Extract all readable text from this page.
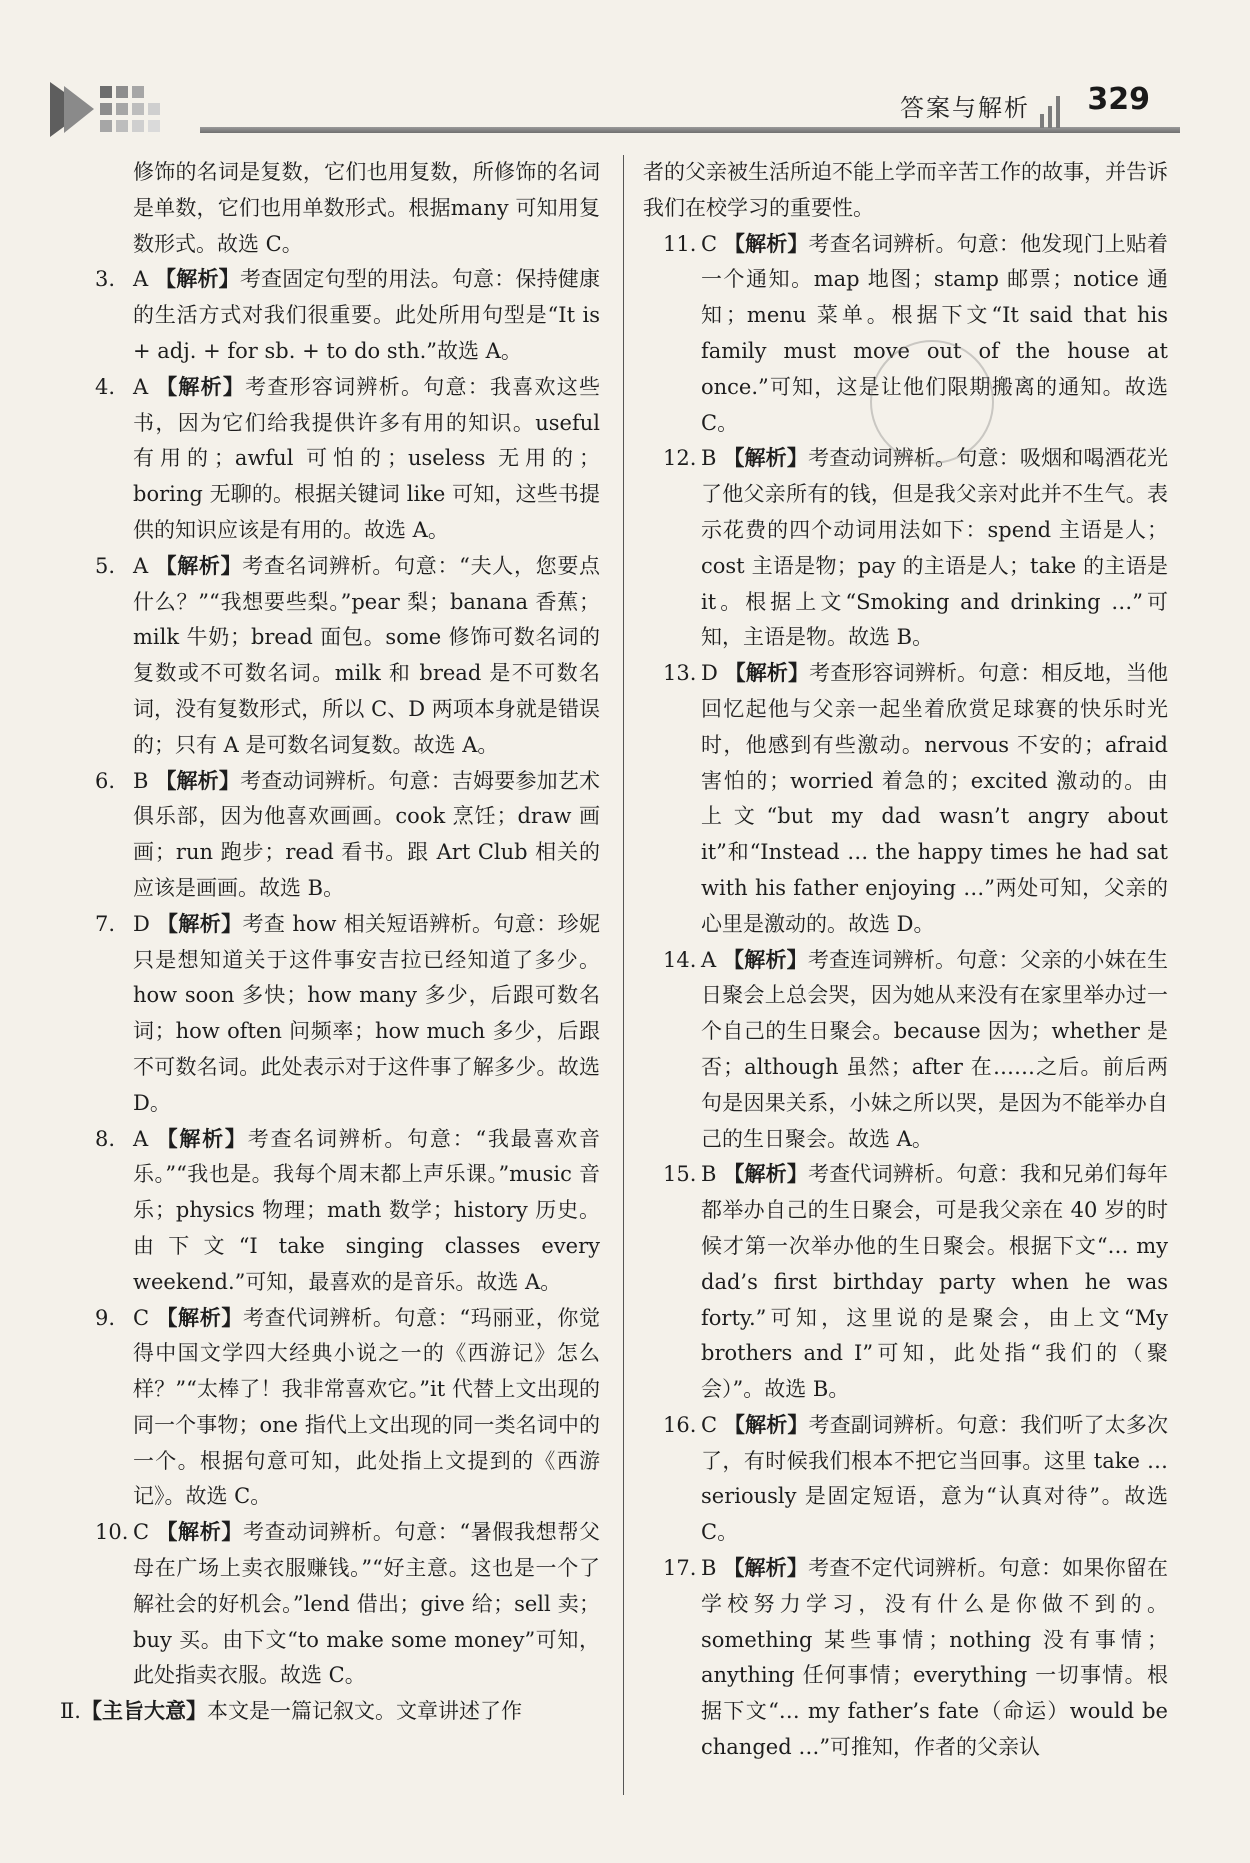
答案与解析 329

修饰的名词是复数，它们也用复数，所修饰的名词是单数，它们也用单数形式。根据many 可知用复数形式。故选 C。

3. A 【解析】考查固定句型的用法。句意：保持健康的生活方式对我们很重要。此处所用句型是“It is + adj. + for sb. + to do sth.”故选 A。

4. A 【解析】考查形容词辨析。句意：我喜欢这些书，因为它们给我提供许多有用的知识。useful 有用的；awful 可怕的；useless 无用的；boring 无聊的。根据关键词 like 可知，这些书提供的知识应该是有用的。故选 A。

5. A 【解析】考查名词辨析。句意：“夫人，您要点什么？”“我想要些梨。”pear 梨；banana 香蕉；milk 牛奶；bread 面包。some 修饰可数名词的复数或不可数名词。milk 和 bread 是不可数名词，没有复数形式，所以 C、D 两项本身就是错误的；只有 A 是可数名词复数。故选 A。

6. B 【解析】考查动词辨析。句意：吉姆要参加艺术俱乐部，因为他喜欢画画。cook 烹饪；draw 画画；run 跑步；read 看书。跟 Art Club 相关的应该是画画。故选 B。

7. D 【解析】考查 how 相关短语辨析。句意：珍妮只是想知道关于这件事安吉拉已经知道了多少。how soon 多快；how many 多少，后跟可数名词；how often 问频率；how much 多少，后跟不可数名词。此处表示对于这件事了解多少。故选 D。

8. A 【解析】考查名词辨析。句意：“我最喜欢音乐。”“我也是。我每个周末都上声乐课。”music 音乐；physics 物理；math 数学；history 历史。由下文“I take singing classes every weekend.”可知，最喜欢的是音乐。故选 A。

9. C 【解析】考查代词辨析。句意：“玛丽亚，你觉得中国文学四大经典小说之一的《西游记》怎么样？”“太棒了！我非常喜欢它。”it 代替上文出现的同一个事物；one 指代上文出现的同一类名词中的一个。根据句意可知，此处指上文提到的《西游记》。故选 C。

10. C 【解析】考查动词辨析。句意：“暑假我想帮父母在广场上卖衣服赚钱。”“好主意。这也是一个了解社会的好机会。”lend 借出；give 给；sell 卖；buy 买。由下文“to make some money”可知，此处指卖衣服。故选 C。

Ⅱ.【主旨大意】本文是一篇记叙文。文章讲述了作

者的父亲被生活所迫不能上学而辛苦工作的故事，并告诉我们在校学习的重要性。

11. C 【解析】考查名词辨析。句意：他发现门上贴着一个通知。map 地图；stamp 邮票；notice 通知；menu 菜单。根据下文“It said that his family must move out of the house at once.”可知，这是让他们限期搬离的通知。故选 C。

12. B 【解析】考查动词辨析。句意：吸烟和喝酒花光了他父亲所有的钱，但是我父亲对此并不生气。表示花费的四个动词用法如下：spend 主语是人；cost 主语是物；pay 的主语是人；take 的主语是 it。根据上文“Smoking and drinking …”可知，主语是物。故选 B。

13. D 【解析】考查形容词辨析。句意：相反地，当他回忆起他与父亲一起坐着欣赏足球赛的快乐时光时，他感到有些激动。nervous 不安的；afraid 害怕的；worried 着急的；excited 激动的。由上文“but my dad wasn’t angry about it”和“Instead … the happy times he had sat with his father enjoying …”两处可知，父亲的心里是激动的。故选 D。

14. A 【解析】考查连词辨析。句意：父亲的小妹在生日聚会上总会哭，因为她从来没有在家里举办过一个自己的生日聚会。because 因为；whether 是否；although 虽然；after 在……之后。前后两句是因果关系，小妹之所以哭，是因为不能举办自己的生日聚会。故选 A。

15. B 【解析】考查代词辨析。句意：我和兄弟们每年都举办自己的生日聚会，可是我父亲在 40 岁的时候才第一次举办他的生日聚会。根据下文“… my dad’s first birthday party when he was forty.”可知，这里说的是聚会，由上文“My brothers and I”可知，此处指“我们的（聚会）”。故选 B。

16. C 【解析】考查副词辨析。句意：我们听了太多次了，有时候我们根本不把它当回事。这里 take … seriously 是固定短语，意为“认真对待”。故选 C。

17. B 【解析】考查不定代词辨析。句意：如果你留在学校努力学习，没有什么是你做不到的。something 某些事情；nothing 没有事情；anything 任何事情；everything 一切事情。根据下文“… my father’s fate（命运）would be changed …”可推知，作者的父亲认
